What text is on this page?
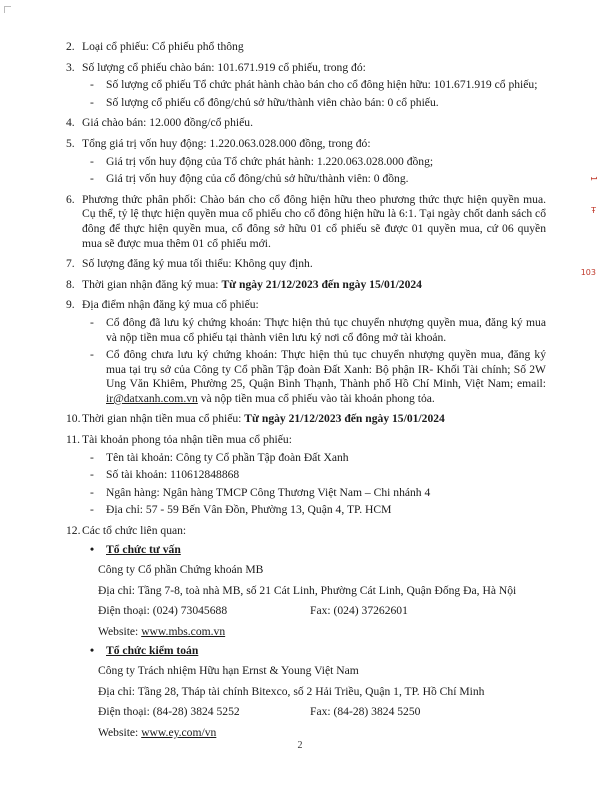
2. Loại cổ phiếu: Cổ phiếu phổ thông
3. Số lượng cổ phiếu chào bán: 101.671.919 cổ phiếu, trong đó:
- Số lượng cổ phiếu Tổ chức phát hành chào bán cho cổ đông hiện hữu: 101.671.919 cổ phiếu;
- Số lượng cổ phiếu cổ đông/chủ sở hữu/thành viên chào bán: 0 cổ phiếu.
4. Giá chào bán: 12.000 đồng/cổ phiếu.
5. Tổng giá trị vốn huy động: 1.220.063.028.000 đồng, trong đó:
- Giá trị vốn huy động của Tổ chức phát hành: 1.220.063.028.000 đồng;
- Giá trị vốn huy động của cổ đông/chủ sở hữu/thành viên: 0 đồng.
6. Phương thức phân phối: Chào bán cho cổ đông hiện hữu theo phương thức thực hiện quyền mua. Cụ thể, tỷ lệ thực hiện quyền mua cổ phiếu cho cổ đông hiện hữu là 6:1. Tại ngày chốt danh sách cổ đông để thực hiện quyền mua, cổ đông sở hữu 01 cổ phiếu sẽ được 01 quyền mua, cứ 06 quyền mua sẽ được mua thêm 01 cổ phiếu mới.
7. Số lượng đăng ký mua tối thiểu: Không quy định.
8. Thời gian nhận đăng ký mua: Từ ngày 21/12/2023 đến ngày 15/01/2024
9. Địa điểm nhận đăng ký mua cổ phiếu:
- Cổ đông đã lưu ký chứng khoán: Thực hiện thủ tục chuyển nhượng quyền mua, đăng ký mua và nộp tiền mua cổ phiếu tại thành viên lưu ký nơi cổ đông mở tài khoản.
- Cổ đông chưa lưu ký chứng khoán: Thực hiện thủ tục chuyển nhượng quyền mua, đăng ký mua tại trụ sở của Công ty Cổ phần Tập đoàn Đất Xanh: Bộ phận IR- Khối Tài chính; Số 2W Ung Văn Khiêm, Phường 25, Quận Bình Thạnh, Thành phố Hồ Chí Minh, Việt Nam; email: ir@datxanh.com.vn và nộp tiền mua cổ phiếu vào tài khoản phong tỏa.
10. Thời gian nhận tiền mua cổ phiếu: Từ ngày 21/12/2023 đến ngày 15/01/2024
11. Tài khoản phong tỏa nhận tiền mua cổ phiếu:
- Tên tài khoản: Công ty Cổ phần Tập đoàn Đất Xanh
- Số tài khoản: 110612848868
- Ngân hàng: Ngân hàng TMCP Công Thương Việt Nam – Chi nhánh 4
- Địa chỉ: 57 - 59 Bến Vân Đồn, Phường 13, Quận 4, TP. HCM
12. Các tổ chức liên quan:
• Tổ chức tư vấn
Công ty Cổ phần Chứng khoán MB
Địa chỉ: Tầng 7-8, toà nhà MB, số 21 Cát Linh, Phường Cát Linh, Quận Đống Đa, Hà Nội
Điện thoại: (024) 73045688	Fax: (024) 37262601
Website: www.mbs.com.vn
• Tổ chức kiểm toán
Công ty Trách nhiệm Hữu hạn Ernst & Young Việt Nam
Địa chỉ: Tầng 28, Tháp tài chính Bitexco, số 2 Hải Triều, Quận 1, TP. Hồ Chí Minh
Điện thoại: (84-28) 3824 5252	Fax: (84-28) 3824 5250
Website: www.ey.com/vn
1
Ŧ
103
2
